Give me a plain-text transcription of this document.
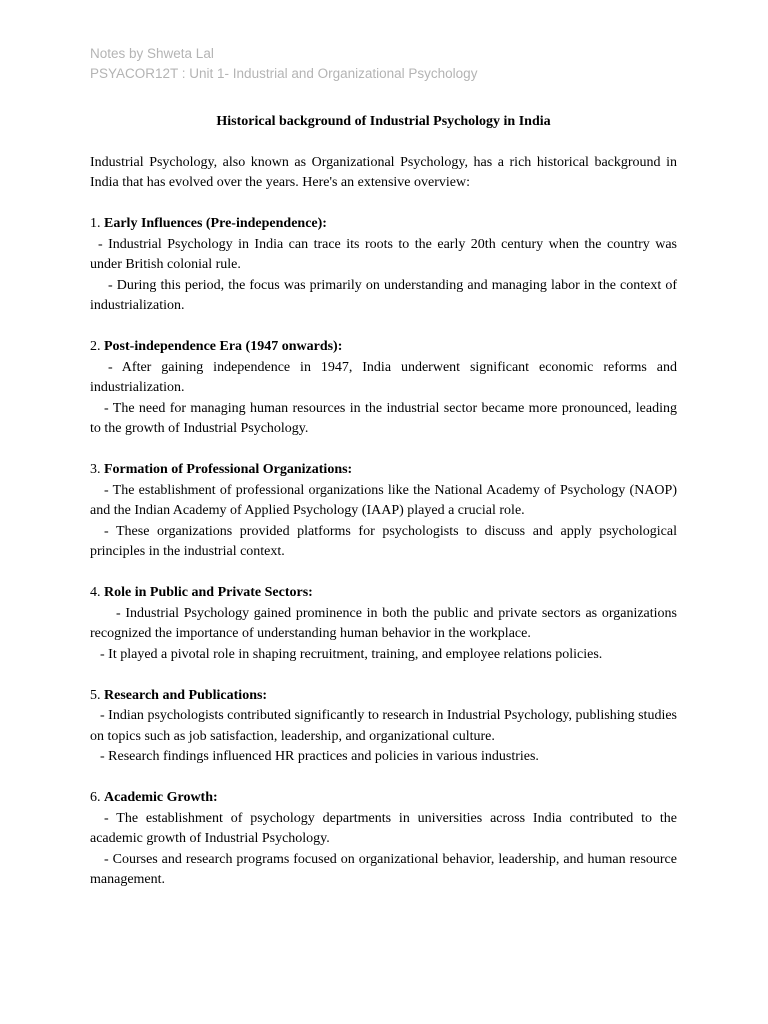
Notes by Shweta Lal
PSYACOR12T : Unit 1- Industrial and Organizational Psychology
Historical background of Industrial Psychology in India
Industrial Psychology, also known as Organizational Psychology, has a rich historical background in India that has evolved over the years. Here's an extensive overview:

1. Early Influences (Pre-independence):

- Industrial Psychology in India can trace its roots to the early 20th century when the country was under British colonial rule.

- During this period, the focus was primarily on understanding and managing labor in the context of industrialization.

2. Post-independence Era (1947 onwards):

- After gaining independence in 1947, India underwent significant economic reforms and industrialization.

- The need for managing human resources in the industrial sector became more pronounced, leading to the growth of Industrial Psychology.

3. Formation of Professional Organizations:

- The establishment of professional organizations like the National Academy of Psychology (NAOP) and the Indian Academy of Applied Psychology (IAAP) played a crucial role.

- These organizations provided platforms for psychologists to discuss and apply psychological principles in the industrial context.

4. Role in Public and Private Sectors:

- Industrial Psychology gained prominence in both the public and private sectors as organizations recognized the importance of understanding human behavior in the workplace.

- It played a pivotal role in shaping recruitment, training, and employee relations policies.

5. Research and Publications:

- Indian psychologists contributed significantly to research in Industrial Psychology, publishing studies on topics such as job satisfaction, leadership, and organizational culture.

- Research findings influenced HR practices and policies in various industries.

6. Academic Growth:

- The establishment of psychology departments in universities across India contributed to the academic growth of Industrial Psychology.

- Courses and research programs focused on organizational behavior, leadership, and human resource management.
